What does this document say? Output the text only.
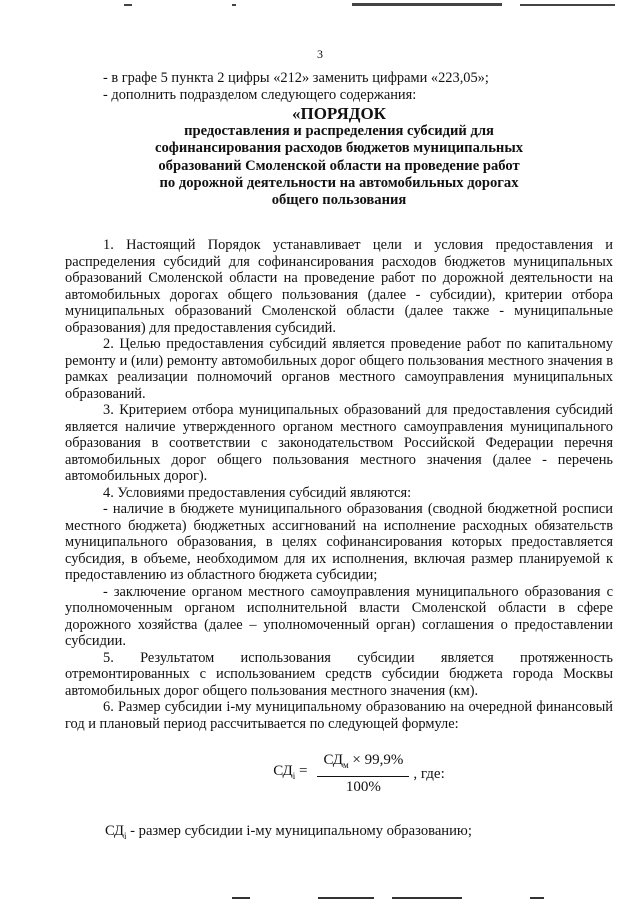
3

- в графе 5 пункта 2 цифры «212» заменить цифрами «223,05»;

- дополнить подразделом следующего содержания:

«ПОРЯДОК
предоставления и распределения субсидий для
софинансирования расходов бюджетов муниципальных
образований Смоленской области на проведение работ
по дорожной деятельности на автомобильных дорогах
общего пользования

1. Настоящий Порядок устанавливает цели и условия предоставления и распределения субсидий для софинансирования расходов бюджетов муниципальных образований Смоленской области на проведение работ по дорожной деятельности на автомобильных дорогах общего пользования (далее - субсидии), критерии отбора муниципальных образований Смоленской области (далее также - муниципальные образования) для предоставления субсидий.

2. Целью предоставления субсидий является проведение работ по капитальному ремонту и (или) ремонту автомобильных дорог общего пользования местного значения в рамках реализации полномочий органов местного самоуправления муниципальных образований.

3. Критерием отбора муниципальных образований для предоставления субсидий является наличие утвержденного органом местного самоуправления муниципального образования в соответствии с законодательством Российской Федерации перечня автомобильных дорог общего пользования местного значения (далее - перечень автомобильных дорог).

4. Условиями предоставления субсидий являются:

- наличие в бюджете муниципального образования (сводной бюджетной росписи местного бюджета) бюджетных ассигнований на исполнение расходных обязательств муниципального образования, в целях софинансирования которых предоставляется субсидия, в объеме, необходимом для их исполнения, включая размер планируемой к предоставлению из областного бюджета субсидии;

- заключение органом местного самоуправления муниципального образования с уполномоченным органом исполнительной власти Смоленской области в сфере дорожного хозяйства (далее – уполномоченный орган) соглашения о предоставлении субсидии.

5. Результатом использования субсидии является протяженность отремонтированных с использованием средств субсидии бюджета города Москвы автомобильных дорог общего пользования местного значения (км).

6. Размер субсидии i-му муниципальному образованию на очередной финансовый год и плановый период рассчитывается по следующей формуле:

$СД_i = \frac{СД_м \times 99,9\%}{100\%}$ , где:

$СД_i$ - размер субсидии i-му муниципальному образованию;
